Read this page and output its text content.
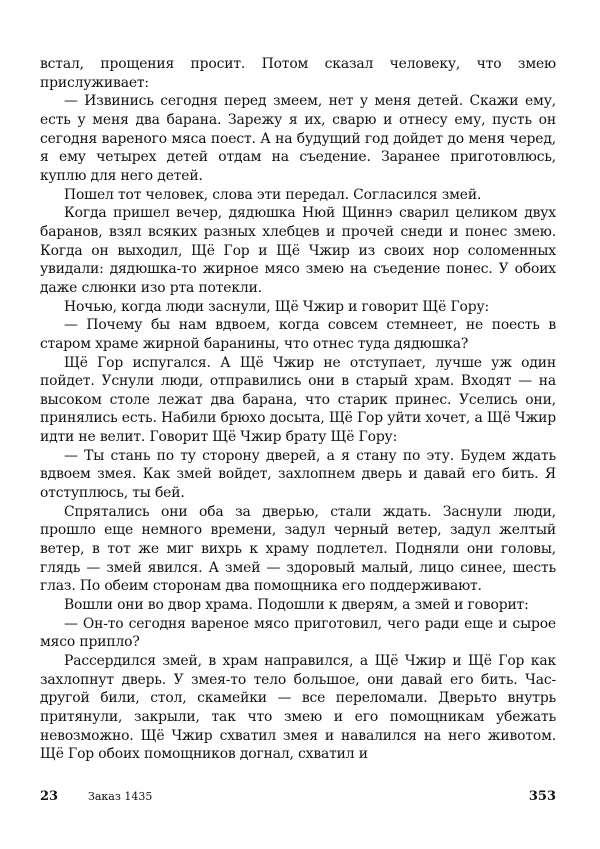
встал, прощения просит. Потом сказал человеку, что змею прислуживает:

— Извинись сегодня перед змеем, нет у меня детей. Скажи ему, есть у меня два барана. Зарежу я их, сварю и отнесу ему, пусть он сегодня вареного мяса поест. А на будущий год дойдет до меня черед, я ему четырех детей отдам на съедение. Заранее приготовлюсь, куплю для него детей.

Пошел тот человек, слова эти передал. Согласился змей.

Когда пришел вечер, дядюшка Нюй Щиннэ сварил целиком двух баранов, взял всяких разных хлебцев и прочей снеди и понес змею. Когда он выходил, Щё Гор и Щё Чжир из своих нор соломенных увидали: дядюшка-то жирное мясо змею на съедение понес. У обоих даже слюнки изо рта потекли.

Ночью, когда люди заснули, Щё Чжир и говорит Щё Гору:

— Почему бы нам вдвоем, когда совсем стемнеет, не поесть в старом храме жирной баранины, что отнес туда дядюшка?

Щё Гор испугался. А Щё Чжир не отступает, лучше уж один пойдет. Уснули люди, отправились они в старый храм. Входят — на высоком столе лежат два барана, что старик принес. Уселись они, принялись есть. Набили брюхо досыта, Щё Гор уйти хочет, а Щё Чжир идти не велит. Говорит Щё Чжир брату Щё Гору:

— Ты стань по ту сторону дверей, а я стану по эту. Будем ждать вдвоем змея. Как змей войдет, захлопнем дверь и давай его бить. Я отступлюсь, ты бей.

Спрятались они оба за дверью, стали ждать. Заснули люди, прошло еще немного времени, задул черный ветер, задул желтый ветер, в тот же миг вихрь к храму подлетел. Подняли они головы, глядь — змей явился. А змей — здоровый малый, лицо синее, шесть глаз. По обеим сторонам два помощника его поддерживают.

Вошли они во двор храма. Подошли к дверям, а змей и говорит:

— Он-то сегодня вареное мясо приготовил, чего ради еще и сырое мясо припло?

Рассердился змей, в храм направился, а Щё Чжир и Щё Гор как захлопнут дверь. У змея-то тело большое, они давай его бить. Час-другой били, стол, скамейки — все переломали. Дверьто внутрь притянули, закрыли, так что змею и его помощникам убежать невозможно. Щё Чжир схватил змея и навалился на него животом. Щё Гор обоих помощников догнал, схватил и

23	Заказ 1435	353
